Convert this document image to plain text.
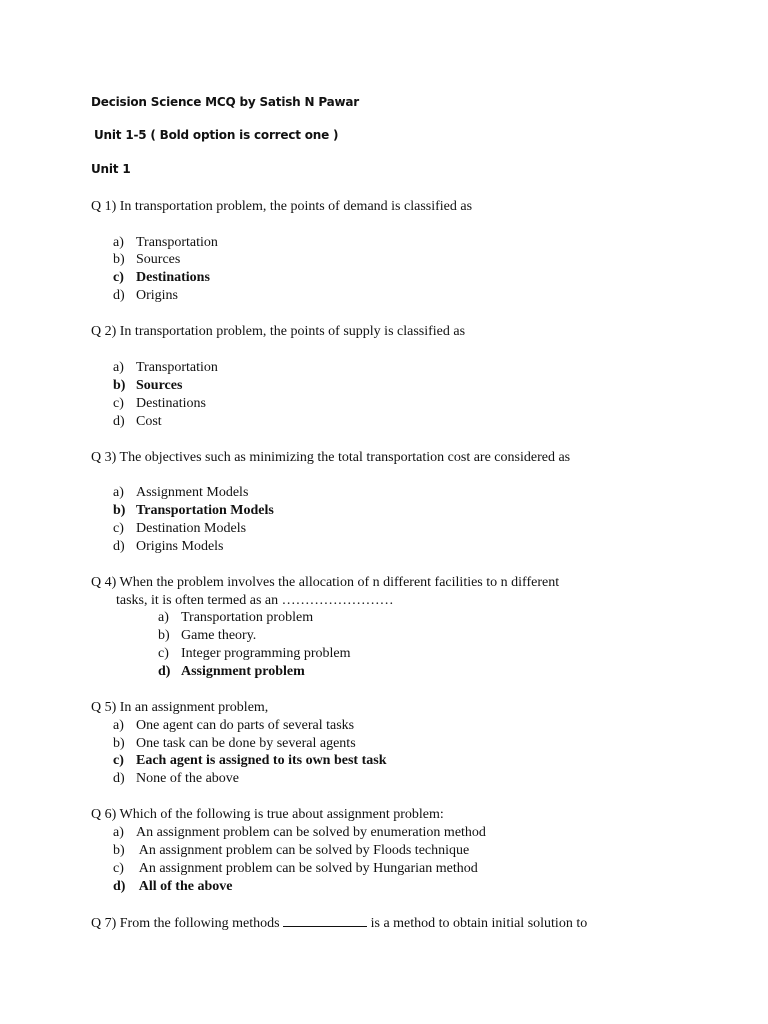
Decision Science MCQ by Satish N Pawar
Unit 1-5 ( Bold option is correct one )
Unit 1
Q 1) In transportation problem, the points of demand is classified as
a) Transportation
b) Sources
c) Destinations
d) Origins
Q 2) In transportation problem, the points of supply is classified as
a) Transportation
b) Sources
c) Destinations
d) Cost
Q 3) The objectives such as minimizing the total transportation cost are considered as
a) Assignment Models
b) Transportation Models
c) Destination Models
d) Origins Models
Q 4) When the problem involves the allocation of n different facilities to n different
tasks, it is often termed as an ……………………
a) Transportation problem
b) Game theory.
c) Integer programming problem
d) Assignment problem
Q 5) In an assignment problem,
a) One agent can do parts of several tasks
b) One task can be done by several agents
c) Each agent is assigned to its own best task
d) None of the above
Q 6) Which of the following is true about assignment problem:
a) An assignment problem can be solved by enumeration method
b) An assignment problem can be solved by Floods technique
c) An assignment problem can be solved by Hungarian method
d) All of the above
Q 7) From the following methods	is a method to obtain initial solution to
